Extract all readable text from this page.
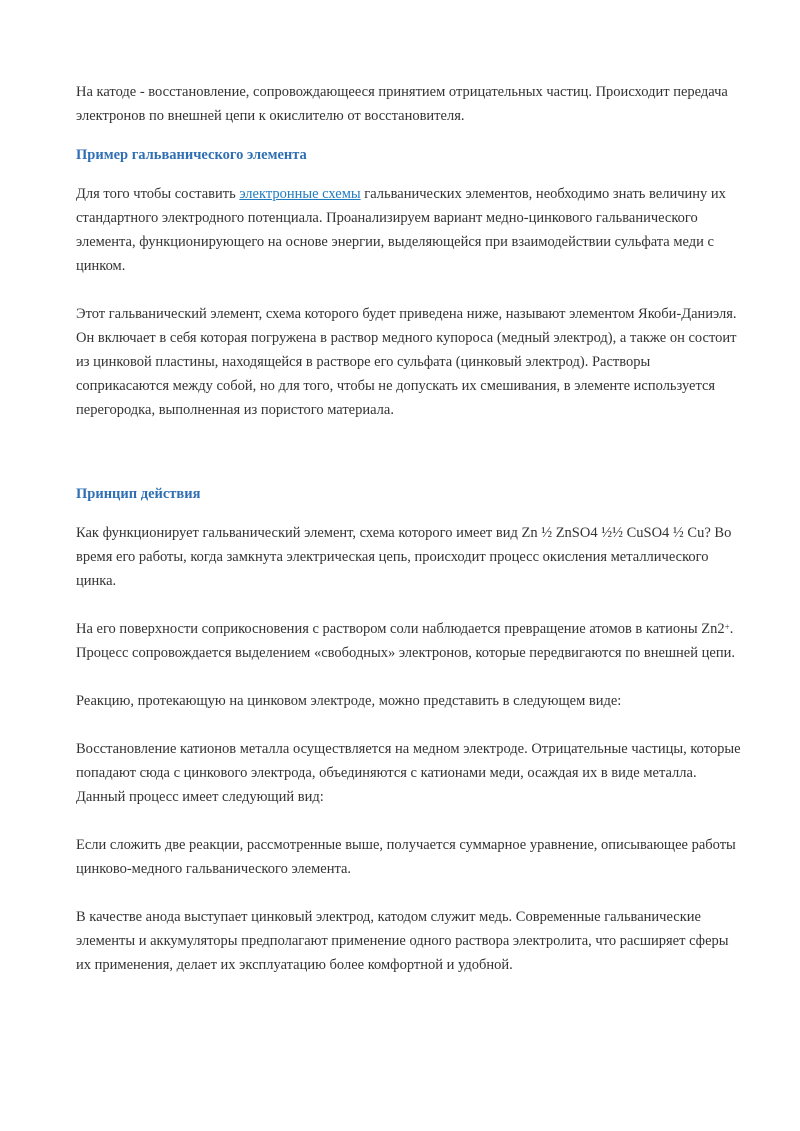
На катоде - восстановление, сопровождающееся принятием отрицательных частиц. Происходит передача электронов по внешней цепи к окислителю от восстановителя.

Пример гальванического элемента

Для того чтобы составить электронные схемы гальванических элементов, необходимо знать величину их стандартного электродного потенциала. Проанализируем вариант медно-цинкового гальванического элемента, функционирующего на основе энергии, выделяющейся при взаимодействии сульфата меди с цинком.

Этот гальванический элемент, схема которого будет приведена ниже, называют элементом Якоби-Даниэля. Он включает в себя которая погружена в раствор медного купороса (медный электрод), а также он состоит из цинковой пластины, находящейся в растворе его сульфата (цинковый электрод). Растворы соприкасаются между собой, но для того, чтобы не допускать их смешивания, в элементе используется перегородка, выполненная из пористого материала.

Принцип действия

Как функционирует гальванический элемент, схема которого имеет вид Zn ½ ZnSO4 ½½ CuSO4 ½ Cu? Во время его работы, когда замкнута электрическая цепь, происходит процесс окисления металлического цинка.

На его поверхности соприкосновения с раствором соли наблюдается превращение атомов в катионы Zn2+. Процесс сопровождается выделением «свободных» электронов, которые передвигаются по внешней цепи.

Реакцию, протекающую на цинковом электроде, можно представить в следующем виде:

Восстановление катионов металла осуществляется на медном электроде. Отрицательные частицы, которые попадают сюда с цинкового электрода, объединяются с катионами меди, осаждая их в виде металла. Данный процесс имеет следующий вид:

Если сложить две реакции, рассмотренные выше, получается суммарное уравнение, описывающее работы цинково-медного гальванического элемента.

В качестве анода выступает цинковый электрод, катодом служит медь. Современные гальванические элементы и аккумуляторы предполагают применение одного раствора электролита, что расширяет сферы их применения, делает их эксплуатацию более комфортной и удобной.
